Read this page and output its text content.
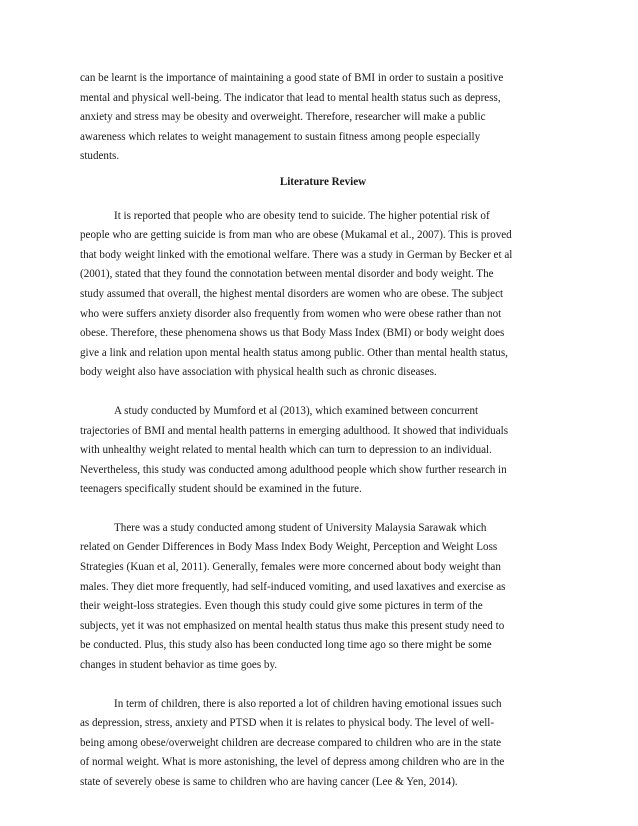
can be learnt is the importance of maintaining a good state of BMI in order to sustain a positive
mental and physical well-being. The indicator that lead to mental health status such as depress,
anxiety and stress may be obesity and overweight. Therefore, researcher will make a public
awareness which relates to weight management to sustain fitness among people especially
students.
Literature Review
It is reported that people who are obesity tend to suicide. The higher potential risk of
people who are getting suicide is from man who are obese (Mukamal et al., 2007). This is proved
that body weight linked with the emotional welfare. There was a study in German by Becker et al
(2001), stated that they found the connotation between mental disorder and body weight. The
study assumed that overall, the highest mental disorders are women who are obese. The subject
who were suffers anxiety disorder also frequently from women who were obese rather than not
obese. Therefore, these phenomena shows us that Body Mass Index (BMI) or body weight does
give a link and relation upon mental health status among public. Other than mental health status,
body weight also have association with physical health such as chronic diseases.
A study conducted by Mumford et al (2013), which examined between concurrent
trajectories of BMI and mental health patterns in emerging adulthood. It showed that individuals
with unhealthy weight related to mental health which can turn to depression to an individual.
Nevertheless, this study was conducted among adulthood people which show further research in
teenagers specifically student should be examined in the future.
There was a study conducted among student of University Malaysia Sarawak which
related on Gender Differences in Body Mass Index Body Weight, Perception and Weight Loss
Strategies (Kuan et al, 2011). Generally, females were more concerned about body weight than
males. They diet more frequently, had self-induced vomiting, and used laxatives and exercise as
their weight-loss strategies. Even though this study could give some pictures in term of the
subjects, yet it was not emphasized on mental health status thus make this present study need to
be conducted. Plus, this study also has been conducted long time ago so there might be some
changes in student behavior as time goes by.
In term of children, there is also reported a lot of children having emotional issues such
as depression, stress, anxiety and PTSD when it is relates to physical body. The level of well-
being among obese/overweight children are decrease compared to children who are in the state
of normal weight. What is more astonishing, the level of depress among children who are in the
state of severely obese is same to children who are having cancer (Lee & Yen, 2014).
